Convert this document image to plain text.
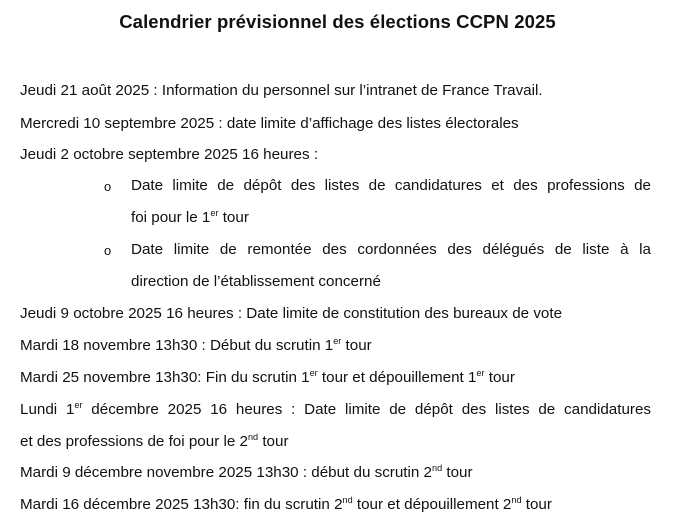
Calendrier prévisionnel des élections CCPN 2025
Jeudi 21 août 2025 : Information du personnel sur l’intranet de France Travail.
Mercredi 10 septembre 2025 : date limite d’affichage des listes électorales
Jeudi 2 octobre septembre 2025 16 heures :
o Date limite de dépôt des listes de candidatures et des professions de
foi pour le 1er tour
o Date limite de remontée des cordonnées des délégués de liste à la
direction de l’établissement concerné
Jeudi 9 octobre 2025 16 heures : Date limite de constitution des bureaux de vote
Mardi 18 novembre 13h30 : Début du scrutin 1er tour
Mardi 25 novembre 13h30: Fin du scrutin 1er tour et dépouillement 1er tour
Lundi 1er décembre 2025 16 heures : Date limite de dépôt des listes de candidatures
et des professions de foi pour le 2nd tour
Mardi 9 décembre novembre 2025 13h30 : début du scrutin 2nd tour
Mardi 16 décembre 2025 13h30: fin du scrutin 2nd tour et dépouillement 2nd tour
